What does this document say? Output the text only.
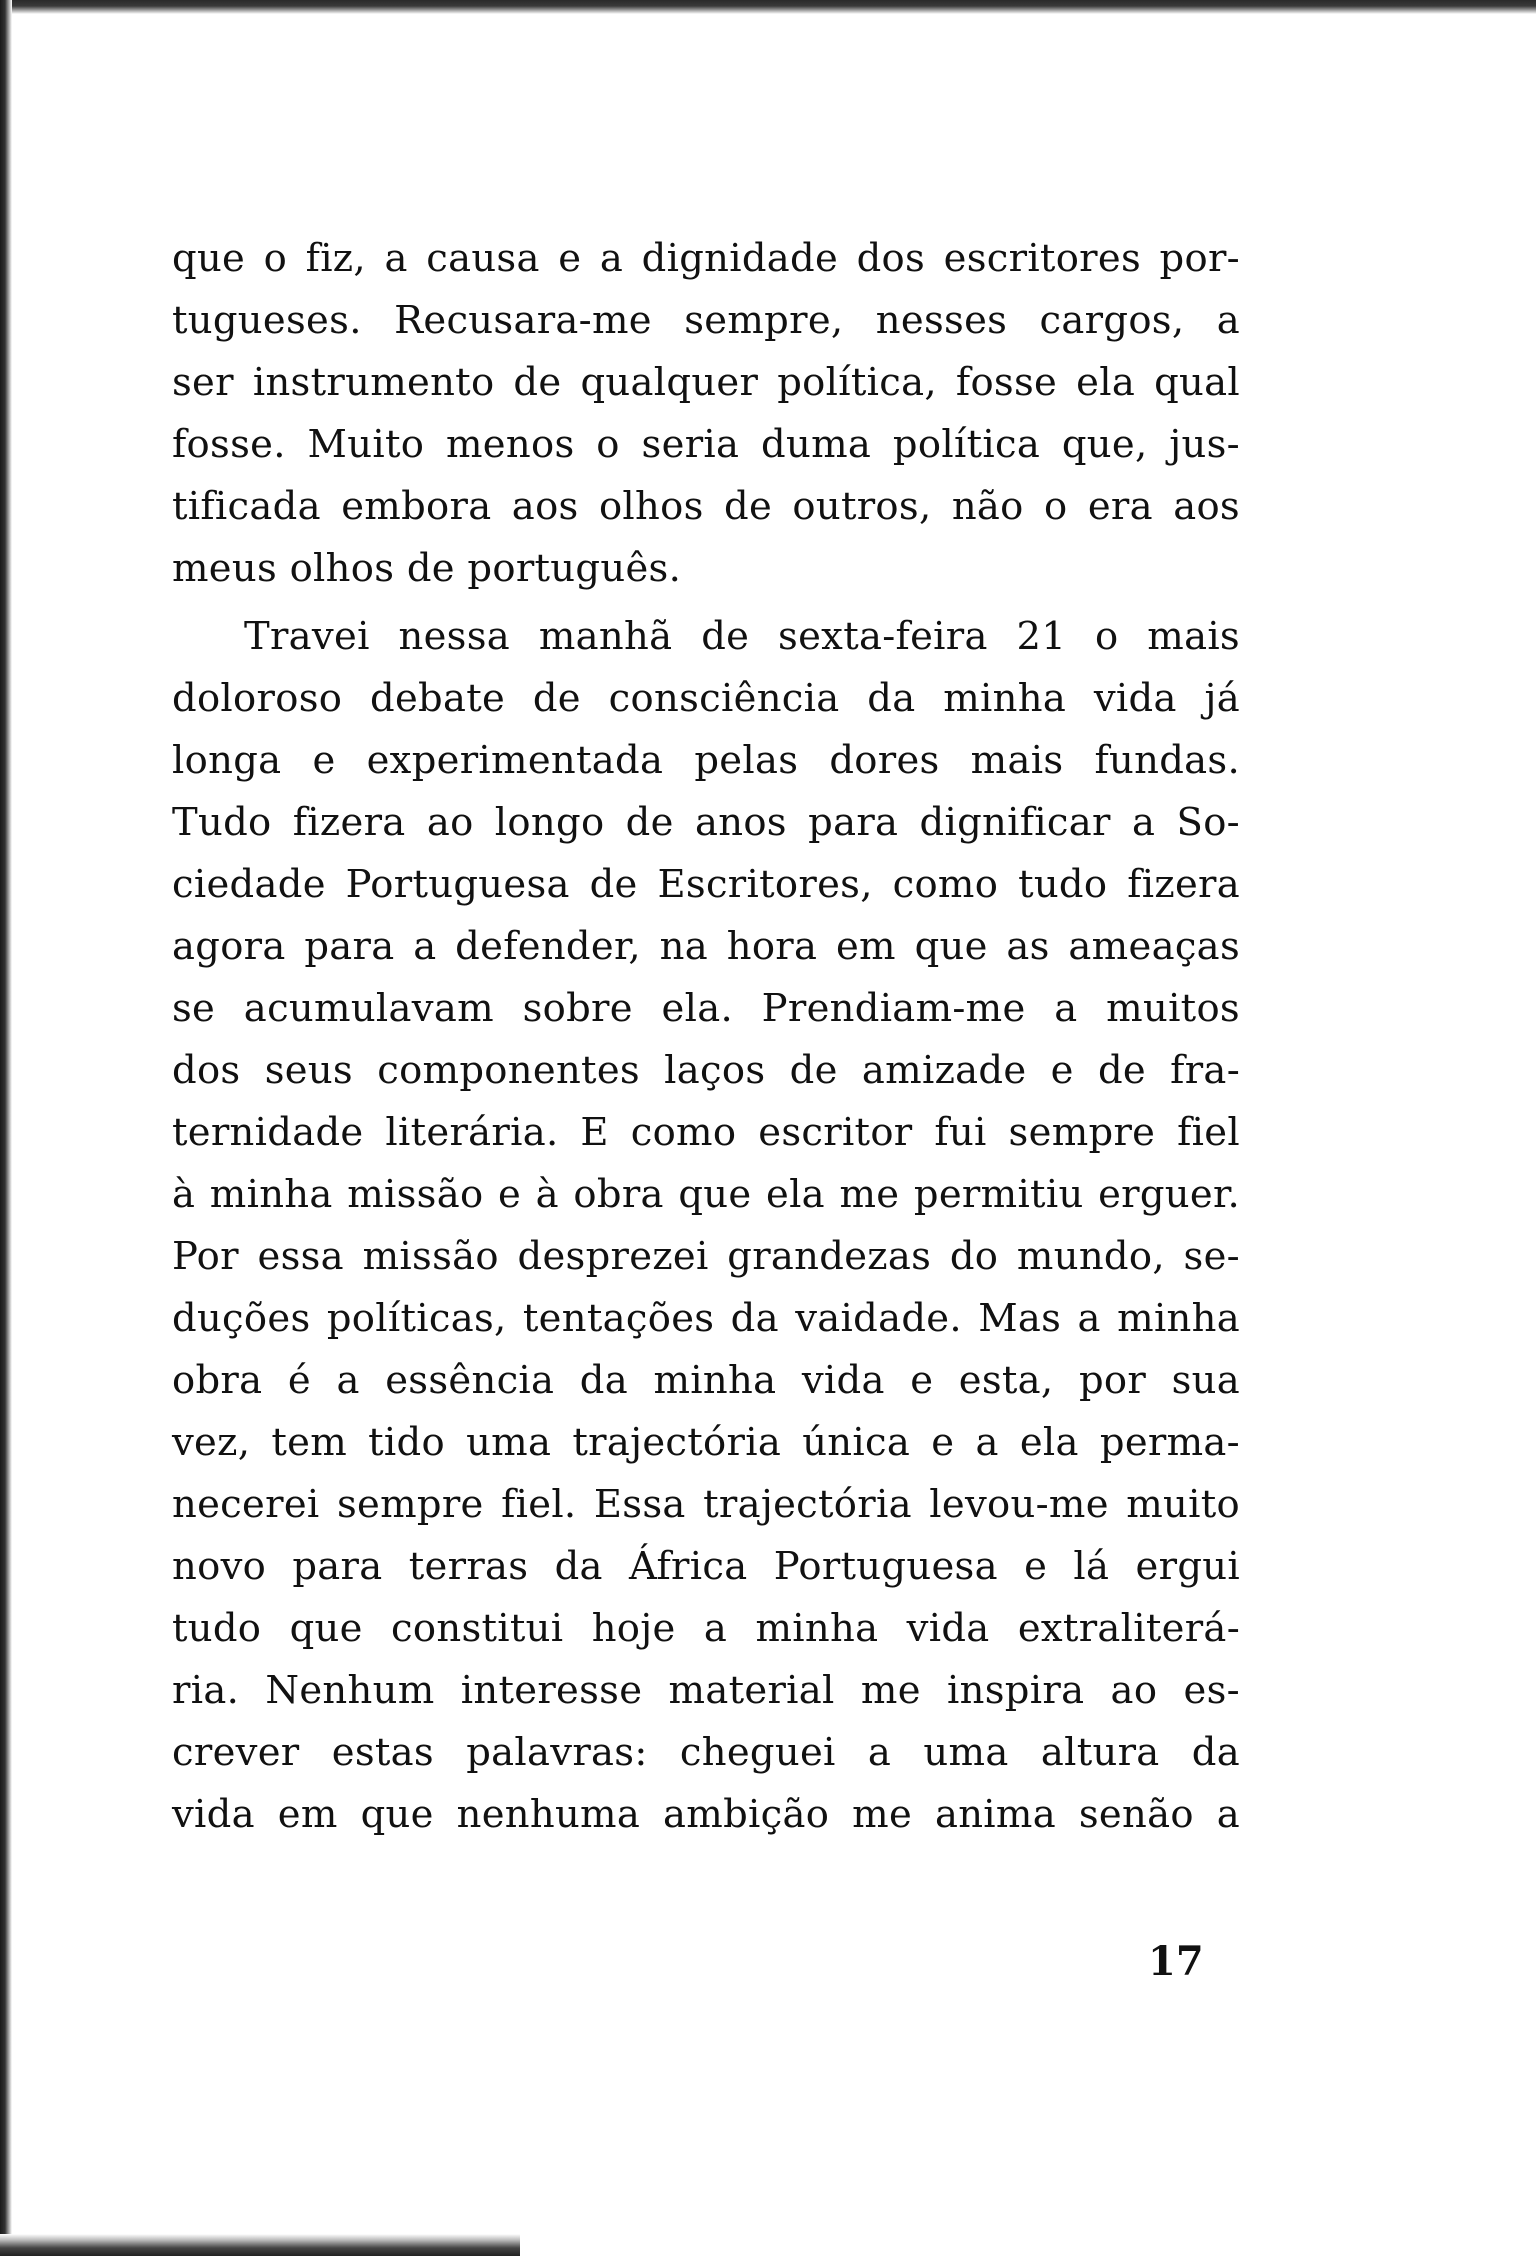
que o fiz, a causa e a dignidade dos escritores por-
tugueses. Recusara-me sempre, nesses cargos, a
ser instrumento de qualquer política, fosse ela qual
fosse. Muito menos o seria duma política que, jus-
tificada embora aos olhos de outros, não o era aos
meus olhos de português.
Travei nessa manhã de sexta-feira 21 o mais
doloroso debate de consciência da minha vida já
longa e experimentada pelas dores mais fundas.
Tudo fizera ao longo de anos para dignificar a So-
ciedade Portuguesa de Escritores, como tudo fizera
agora para a defender, na hora em que as ameaças
se acumulavam sobre ela. Prendiam-me a muitos
dos seus componentes laços de amizade e de fra-
ternidade literária. E como escritor fui sempre fiel
à minha missão e à obra que ela me permitiu erguer.
Por essa missão desprezei grandezas do mundo, se-
duções políticas, tentações da vaidade. Mas a minha
obra é a essência da minha vida e esta, por sua
vez, tem tido uma trajectória única e a ela perma-
necerei sempre fiel. Essa trajectória levou-me muito
novo para terras da África Portuguesa e lá ergui
tudo que constitui hoje a minha vida extraliterá-
ria. Nenhum interesse material me inspira ao es-
crever estas palavras: cheguei a uma altura da
vida em que nenhuma ambição me anima senão a
17
